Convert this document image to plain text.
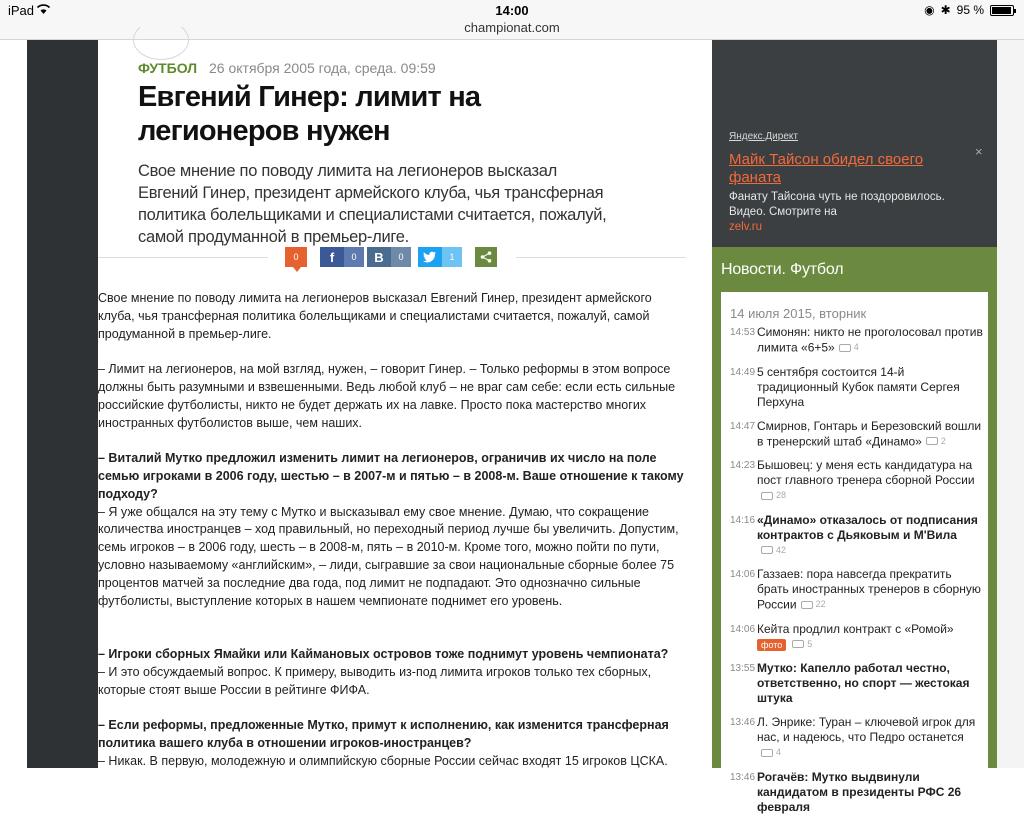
iPad	14:00
championat.com
◉ ✱ 95 %
ФУТБОЛ 26 октября 2005 года, среда. 09:59
Евгений Гинер: лимит на легионеров нужен
Свое мнение по поводу лимита на легионеров высказал Евгений Гинер, президент армейского клуба, чья трансферная политика болельщиками и специалистами считается, пожалуй, самой продуманной в премьер-лиге.
0	f	0	В	0	1

Свое мнение по поводу лимита на легионеров высказал Евгений Гинер, президент армейского клуба, чья трансферная политика болельщиками и специалистами считается, пожалуй, самой продуманной в премьер-лиге.

– Лимит на легионеров, на мой взгляд, нужен, – говорит Гинер. – Только реформы в этом вопросе должны быть разумными и взвешенными. Ведь любой клуб – не враг сам себе: если есть сильные российские футболисты, никто не будет держать их на лавке. Просто пока мастерство многих иностранных футболистов выше, чем наших.

– Виталий Мутко предложил изменить лимит на легионеров, ограничив их число на поле семью игроками в 2006 году, шестью – в 2007-м и пятью – в 2008-м. Ваше отношение к такому подходу?

– Я уже общался на эту тему с Мутко и высказывал ему свое мнение. Думаю, что сокращение количества иностранцев – ход правильный, но переходный период лучше бы увеличить. Допустим, семь игроков – в 2006 году, шесть – в 2008-м, пять – в 2010-м. Кроме того, можно пойти по пути, условно называемому «английским», – лиди, сыгравшие за свои национальные сборные более 75 процентов матчей за последние два года, под лимит не подпадают. Это однозначно сильные футболисты, выступление которых в нашем чемпионате поднимет его уровень.

– Игроки сборных Ямайки или Каймановых островов тоже поднимут уровень чемпионата?

– И это обсуждаемый вопрос. К примеру, выводить из-под лимита игроков только тех сборных, которые стоят выше России в рейтинге ФИФА.

– Если реформы, предложенные Мутко, примут к исполнению, как изменится трансферная политика вашего клуба в отношении игроков-иностранцев?

– Никак. В первую, молодежную и олимпийскую сборные России сейчас входят 15 игроков ЦСКА.

Яндекс.Директ
×
Майк Тайсон обидел своего фаната
Фанату Тайсона чуть не поздоровилось. Видео. Смотрите на
zelv.ru
Новости. Футбол
14 июля 2015, вторник
14:53 Симонян: никто не проголосовал против лимита «6+5» 4
14:49 5 сентября состоится 14-й традиционный Кубок памяти Сергея Перхуна
14:47 Смирнов, Гонтарь и Березовский вошли в тренерский штаб «Динамо» 2
14:23 Бышовец: у меня есть кандидатура на пост главного тренера сборной России
28
14:16 «Динамо» отказалось от подписания контрактов с Дьяковым и М'Вила
42
14:06 Газзаев: пора навсегда прекратить брать иностранных тренеров в сборную России 22
14:06 Кейта продлил контракт с «Ромой»
фото	5
13:55 Мутко: Капелло работал честно, ответственно, но спорт — жестокая штука
13:46 Л. Энрике: Туран – ключевой игрок для нас, и надеюсь, что Педро останется
4
13:46 Рогачёв: Мутко выдвинули кандидатом в президенты РФС 26 февраля
